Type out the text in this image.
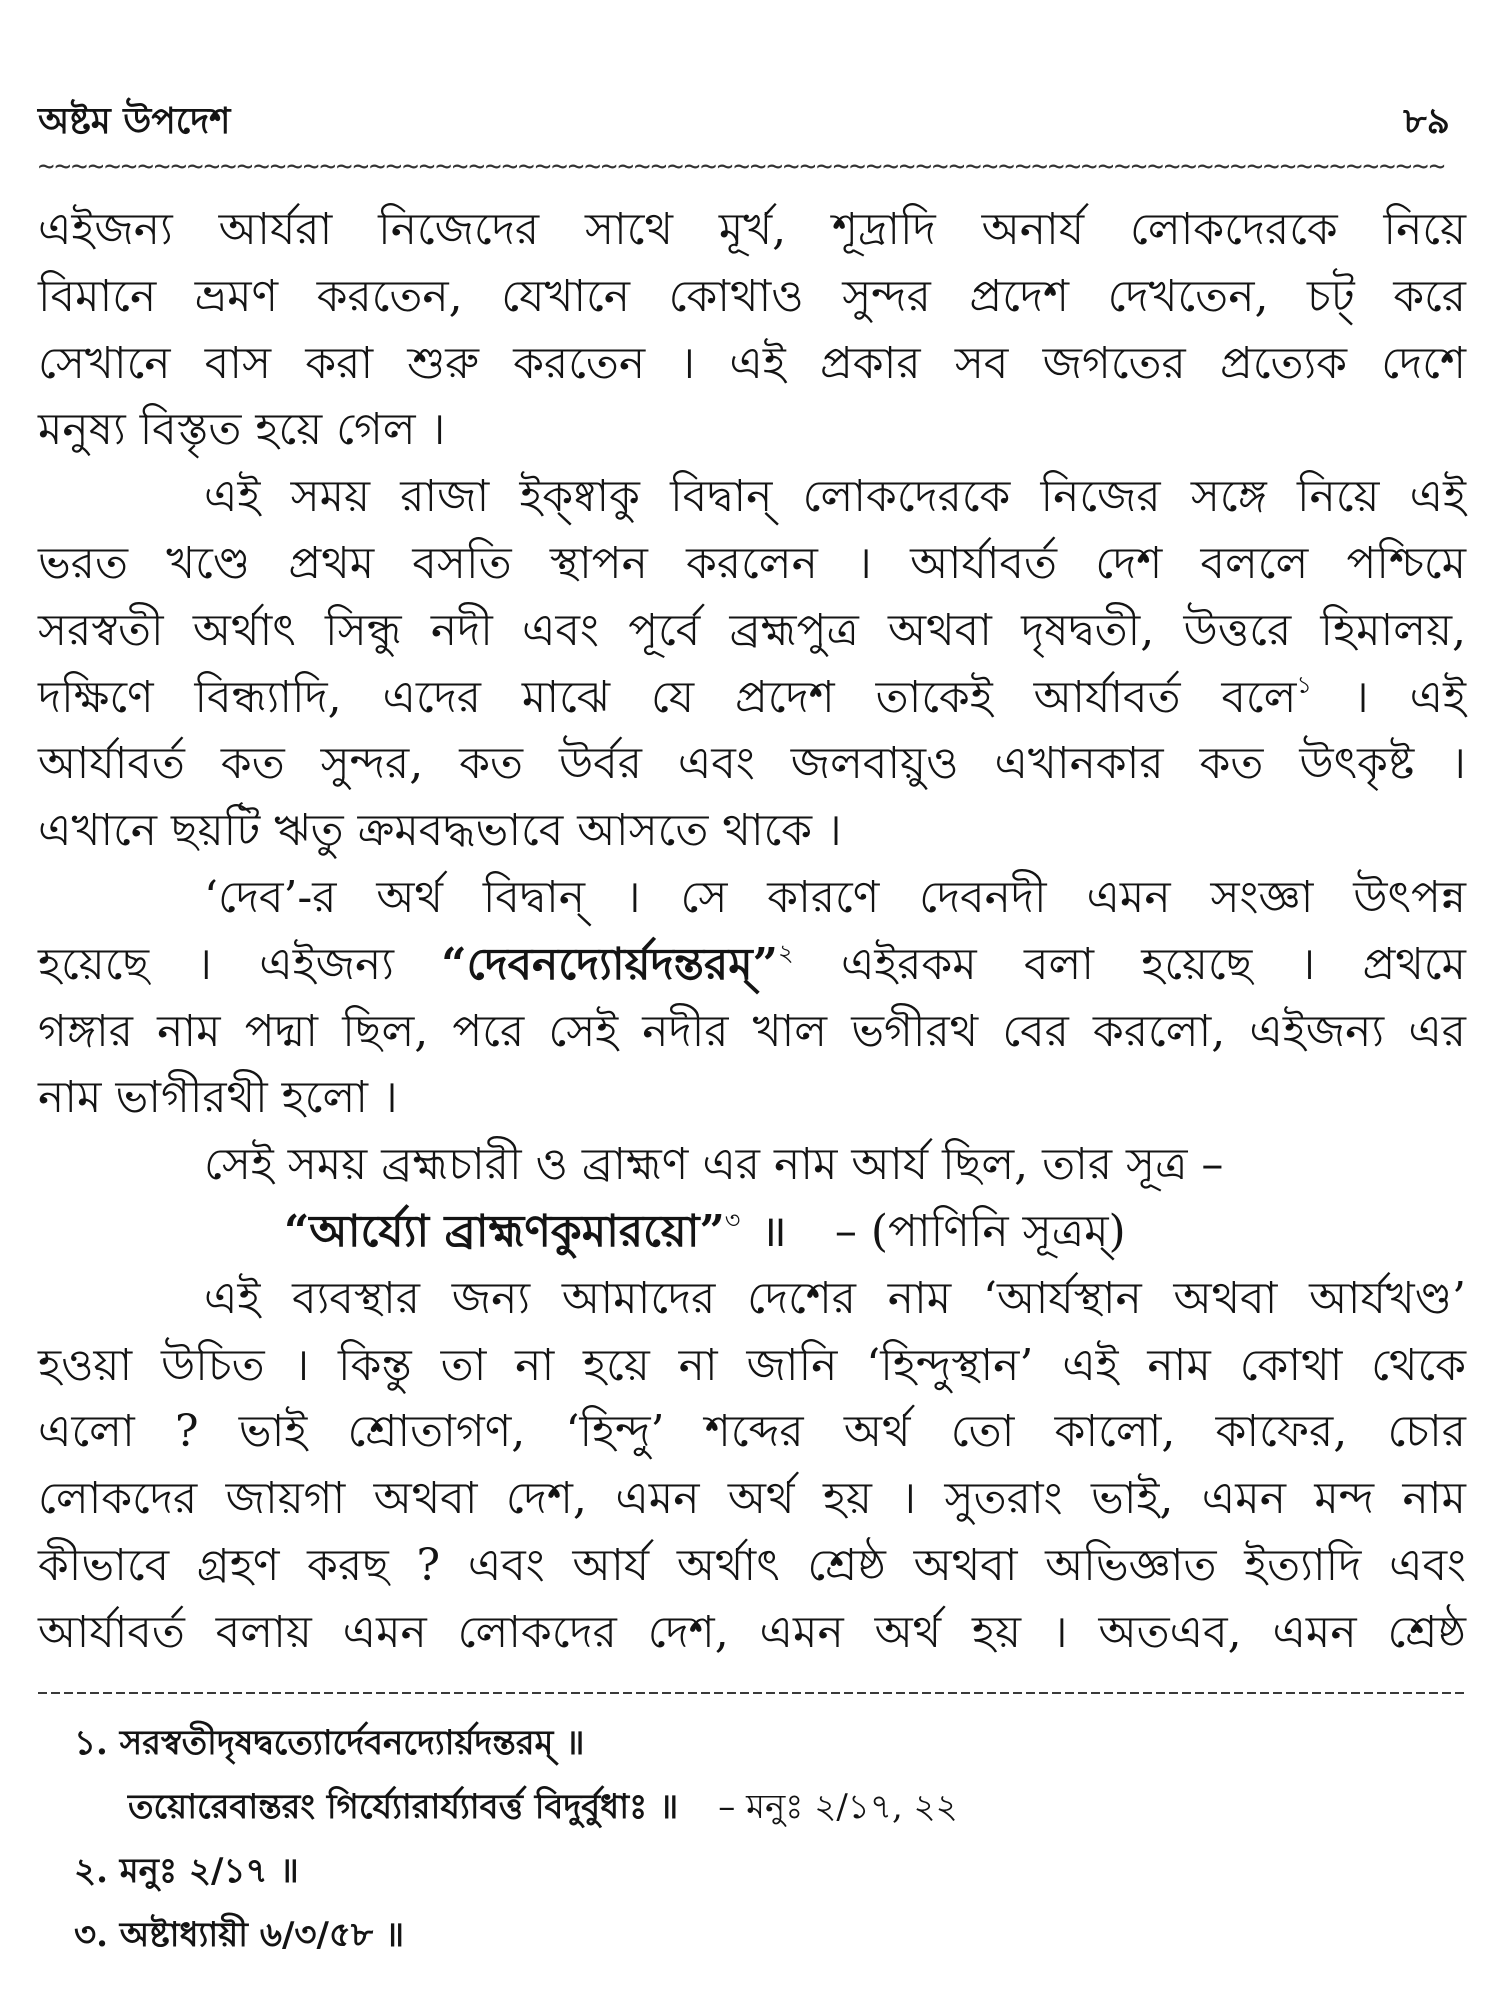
অষ্টম উপদেশ	৮৯
~~~~~~~~~~~~~~~~~~~~~~~~~~~~~~~~~~~~~~~~~~~~~~~~~~~~~~~~~~~~~~~~~~~~~~~~~~~~~~~~~~~~~
এইজন্য আর্যরা নিজেদের সাথে মূর্খ, শূদ্রাদি অনার্য লোকদেরকে নিয়ে
বিমানে ভ্রমণ করতেন, যেখানে কোথাও সুন্দর প্রদেশ দেখতেন, চট্ করে
সেখানে বাস করা শুরু করতেন । এই প্রকার সব জগতের প্রত্যেক দেশে
মনুষ্য বিস্তৃত হয়ে গেল ।
এই সময় রাজা ইক্ষ্বাকু বিদ্বান্ লোকদেরকে নিজের সঙ্গে নিয়ে এই
ভরত খণ্ডে প্রথম বসতি স্থাপন করলেন । আর্যাবর্ত দেশ বললে পশ্চিমে
সরস্বতী অর্থাৎ সিন্ধু নদী এবং পূর্বে ব্রহ্মপুত্র অথবা দৃষদ্বতী, উত্তরে হিমালয়,
দক্ষিণে বিন্ধ্যাদি, এদের মাঝে যে প্রদেশ তাকেই আর্যাবর্ত বলে$^১$ । এই
আর্যাবর্ত কত সুন্দর, কত উর্বর এবং জলবায়ুও এখানকার কত উৎকৃষ্ট ।
এখানে ছয়টি ঋতু ক্রমবদ্ধভাবে আসতে থাকে ।
‘দেব’-র অর্থ বিদ্বান্ । সে কারণে দেবনদী এমন সংজ্ঞা উৎপন্ন
হয়েছে । এইজন্য “দেবনদ্যোর্য়দন্তরম্”$^২$ এইরকম বলা হয়েছে । প্রথমে
গঙ্গার নাম পদ্মা ছিল, পরে সেই নদীর খাল ভগীরথ বের করলো, এইজন্য এর
নাম ভাগীরথী হলো ।
সেই সময় ব্রহ্মচারী ও ব্রাহ্মণ এর নাম আর্য ছিল, তার সূত্র –
“আর্য্যো ব্রাহ্মণকুমারয়ো”$^৩$ ॥ – (পাণিনি সূত্রম্)
এই ব্যবস্থার জন্য আমাদের দেশের নাম ‘আর্যস্থান অথবা আর্যখণ্ড’
হওয়া উচিত । কিন্তু তা না হয়ে না জানি ‘হিন্দুস্থান’ এই নাম কোথা থেকে
এলো ? ভাই শ্রোতাগণ, ‘হিন্দু’ শব্দের অর্থ তো কালো, কাফের, চোর
লোকদের জায়গা অথবা দেশ, এমন অর্থ হয় । সুতরাং ভাই, এমন মন্দ নাম
কীভাবে গ্রহণ করছ ? এবং আর্য অর্থাৎ শ্রেষ্ঠ অথবা অভিজ্ঞাত ইত্যাদি এবং
আর্যাবর্ত বলায় এমন লোকদের দেশ, এমন অর্থ হয় । অতএব, এমন শ্রেষ্ঠ
১. সরস্বতীদৃষদ্বত্যোর্দেবনদ্যোর্য়দন্তরম্ ॥
তয়োরেবান্তরং গির্য্যোরার্য্যাবর্ত্ত বিদুর্বুধাঃ ॥ – মনুঃ ২/১৭, ২২
২. মনুঃ ২/১৭ ॥
৩. অষ্টাধ্যায়ী ৬/৩/৫৮ ॥
